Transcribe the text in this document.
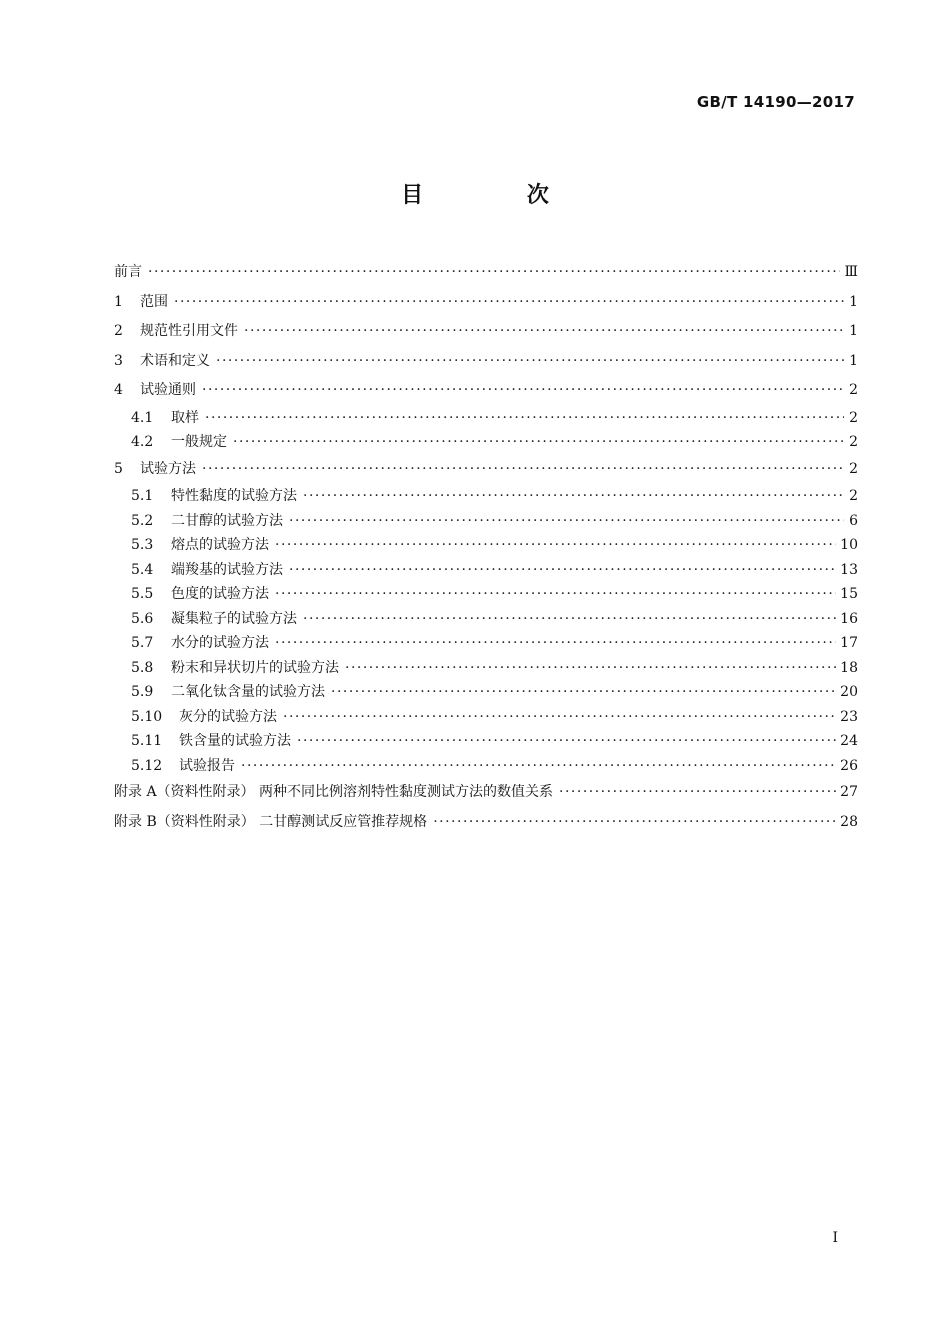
GB/T 14190—2017
目 次
前言 ·····	Ⅲ
1	范围 ·····	1
2	规范性引用文件 ·····	1
3	术语和定义 ·····	1
4	试验通则 ·····	2
4.1	取样 ·····	2
4.2	一般规定 ·····	2
5	试验方法 ·····	2
5.1	特性黏度的试验方法 ·····	2
5.2	二甘醇的试验方法 ·····	6
5.3	熔点的试验方法 ·····	10
5.4	端羧基的试验方法 ·····	13
5.5	色度的试验方法 ·····	15
5.6	凝集粒子的试验方法 ·····	16
5.7	水分的试验方法 ·····	17
5.8	粉末和异状切片的试验方法 ·····	18
5.9	二氧化钛含量的试验方法 ·····	20
5.10	灰分的试验方法 ·····	23
5.11	铁含量的试验方法 ·····	24
5.12	试验报告 ·····	26
附录 A（资料性附录） 两种不同比例溶剂特性黏度测试方法的数值关系 ·····	27
附录 B（资料性附录） 二甘醇测试反应管推荐规格 ·····	28
I
